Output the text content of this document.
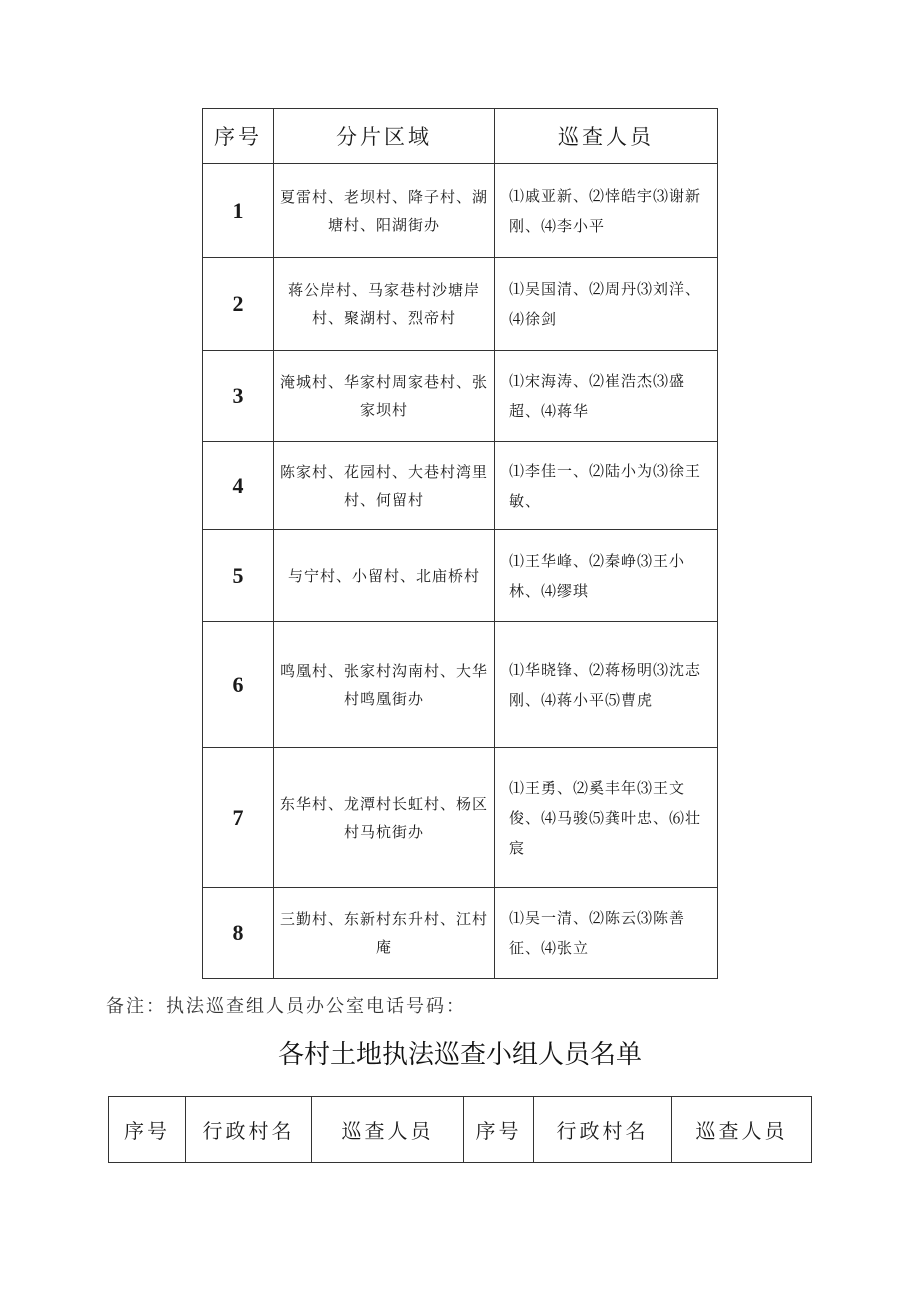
序号	分片区域	巡查人员
1	夏雷村、老坝村、降子村、湖塘村、阳湖街办	⑴戚亚新、⑵悻皓宇⑶谢新刚、⑷李小平
2	蒋公岸村、马家巷村沙塘岸村、聚湖村、烈帝村	⑴吴国清、⑵周丹⑶刘洋、⑷徐剑
3	淹城村、华家村周家巷村、张家坝村	⑴宋海涛、⑵崔浩杰⑶盛超、⑷蒋华
4	陈家村、花园村、大巷村湾里村、何留村	⑴李佳一、⑵陆小为⑶徐王敏、
5	与宁村、小留村、北庙桥村	⑴王华峰、⑵秦峥⑶王小林、⑷缪琪
6	鸣凰村、张家村沟南村、大华村鸣凰街办	⑴华晓锋、⑵蒋杨明⑶沈志刚、⑷蒋小平⑸曹虎
7	东华村、龙潭村长虹村、杨区村马杭街办	⑴王勇、⑵奚丰年⑶王文俊、⑷马骏⑸龚叶忠、⑹壮宸
8	三勤村、东新村东升村、江村庵	⑴吴一清、⑵陈云⑶陈善征、⑷张立
备注：执法巡查组人员办公室电话号码：
各村土地执法巡查小组人员名单
序号	行政村名	巡查人员	序号	行政村名	巡查人员
